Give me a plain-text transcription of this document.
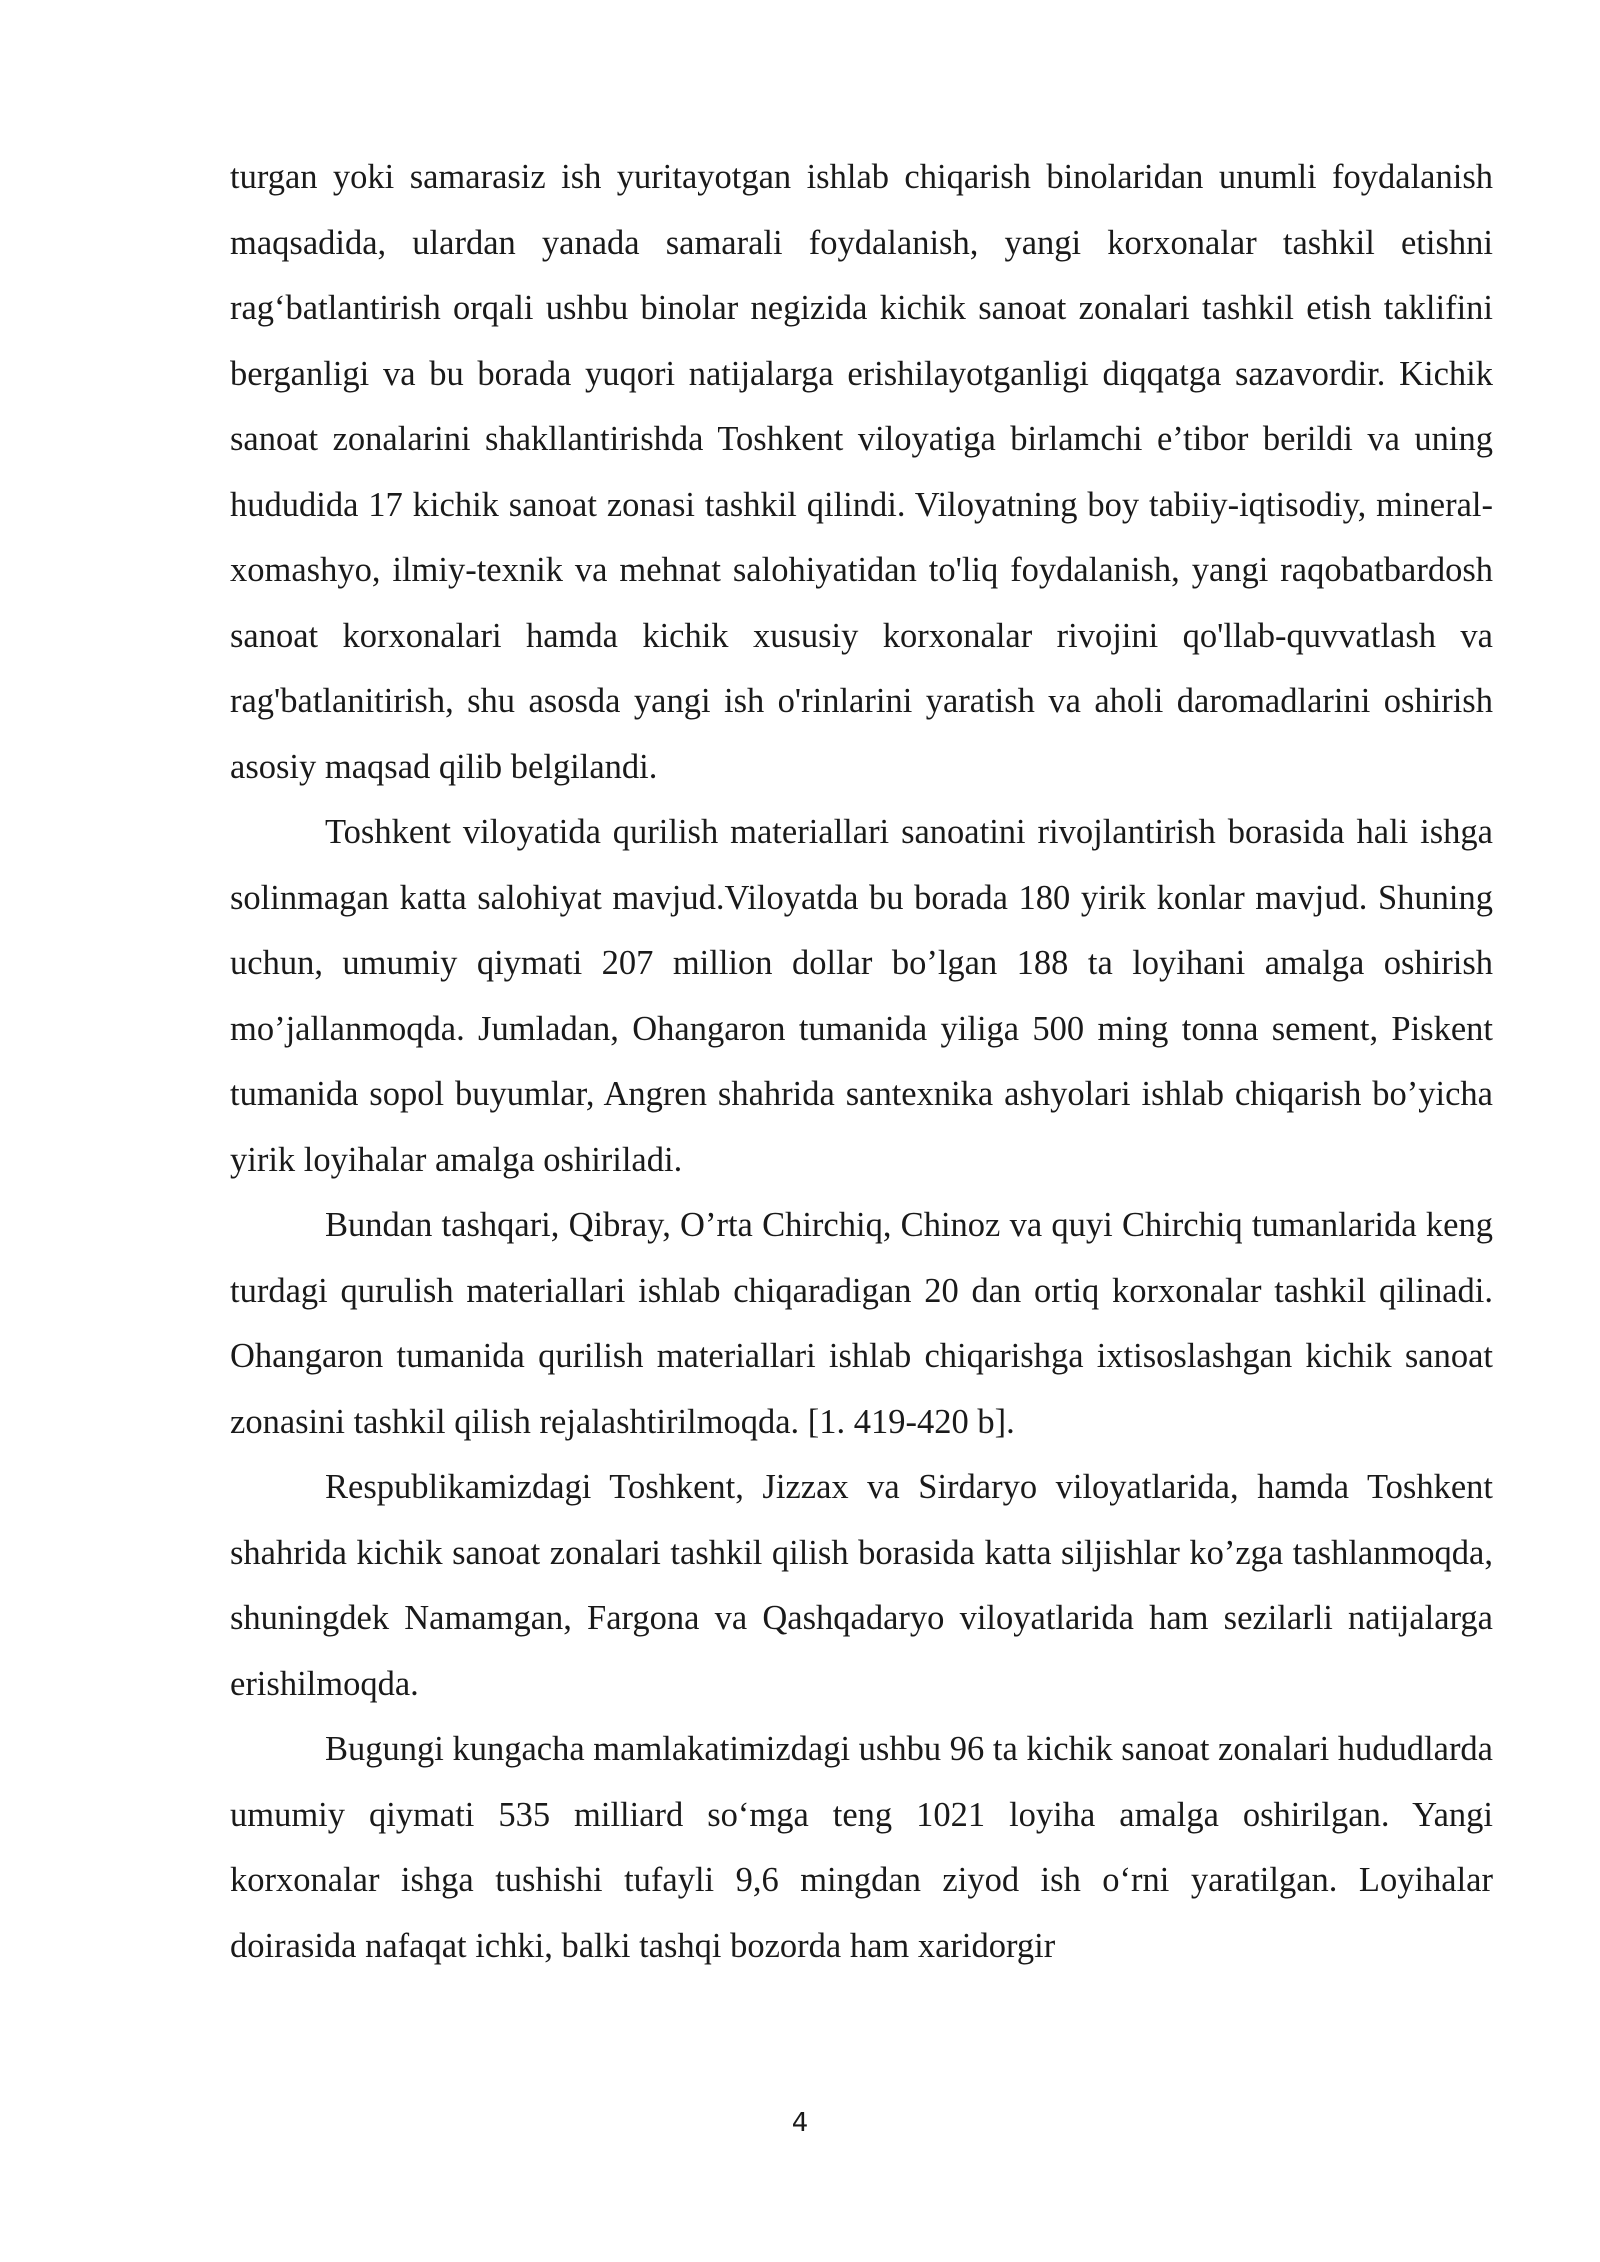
turgan yoki samarasiz ish yuritayotgan ishlab chiqarish binolaridan unumli foydalanish maqsadida, ulardan yanada samarali foydalanish, yangi korxonalar tashkil etishni rag‘batlantirish orqali ushbu binolar negizida kichik sanoat zonalari tashkil etish taklifini berganligi va bu borada yuqori natijalarga erishilayotganligi diqqatga sazavordir. Kichik sanoat zonalarini shakllantirishda Toshkent viloyatiga birlamchi e’tibor berildi va uning hududida 17 kichik sanoat zonasi tashkil qilindi. Viloyatning boy tabiiy-iqtisodiy, mineral-xomashyo, ilmiy-texnik va mehnat salohiyatidan to'liq foydalanish, yangi raqobatbardosh sanoat korxonalari hamda kichik xususiy korxonalar rivojini qo'llab-quvvatlash va rag'batlanitirish, shu asosda yangi ish o'rinlarini yaratish va aholi daromadlarini oshirish asosiy maqsad qilib belgilandi.

Toshkent viloyatida qurilish materiallari sanoatini rivojlantirish borasida hali ishga solinmagan katta salohiyat mavjud.Viloyatda bu borada 180 yirik konlar mavjud. Shuning uchun, umumiy qiymati 207 million dollar bo’lgan 188 ta loyihani amalga oshirish mo’jallanmoqda. Jumladan, Ohangaron tumanida yiliga 500 ming tonna sement, Piskent tumanida sopol buyumlar, Angren shahrida santexnika ashyolari ishlab chiqarish bo’yicha yirik loyihalar amalga oshiriladi.

Bundan tashqari, Qibray, O’rta Chirchiq, Chinoz va quyi Chirchiq tumanlarida keng turdagi qurulish materiallari ishlab chiqaradigan 20 dan ortiq korxonalar tashkil qilinadi. Ohangaron tumanida qurilish materiallari ishlab chiqarishga ixtisoslashgan kichik sanoat zonasini tashkil qilish rejalashtirilmoqda. [1. 419-420 b].

Respublikamizdagi Toshkent, Jizzax va Sirdaryo viloyatlarida, hamda Toshkent shahrida kichik sanoat zonalari tashkil qilish borasida katta siljishlar ko’zga tashlanmoqda, shuningdek Namamgan, Fargona va Qashqadaryo viloyatlarida ham sezilarli natijalarga erishilmoqda.

Bugungi kungacha mamlakatimizdagi ushbu 96 ta kichik sanoat zonalari hududlarda umumiy qiymati 535 milliard so‘mga teng 1021 loyiha amalga oshirilgan. Yangi korxonalar ishga tushishi tufayli 9,6 mingdan ziyod ish o‘rni yaratilgan. Loyihalar doirasida nafaqat ichki, balki tashqi bozorda ham xaridorgir

4
